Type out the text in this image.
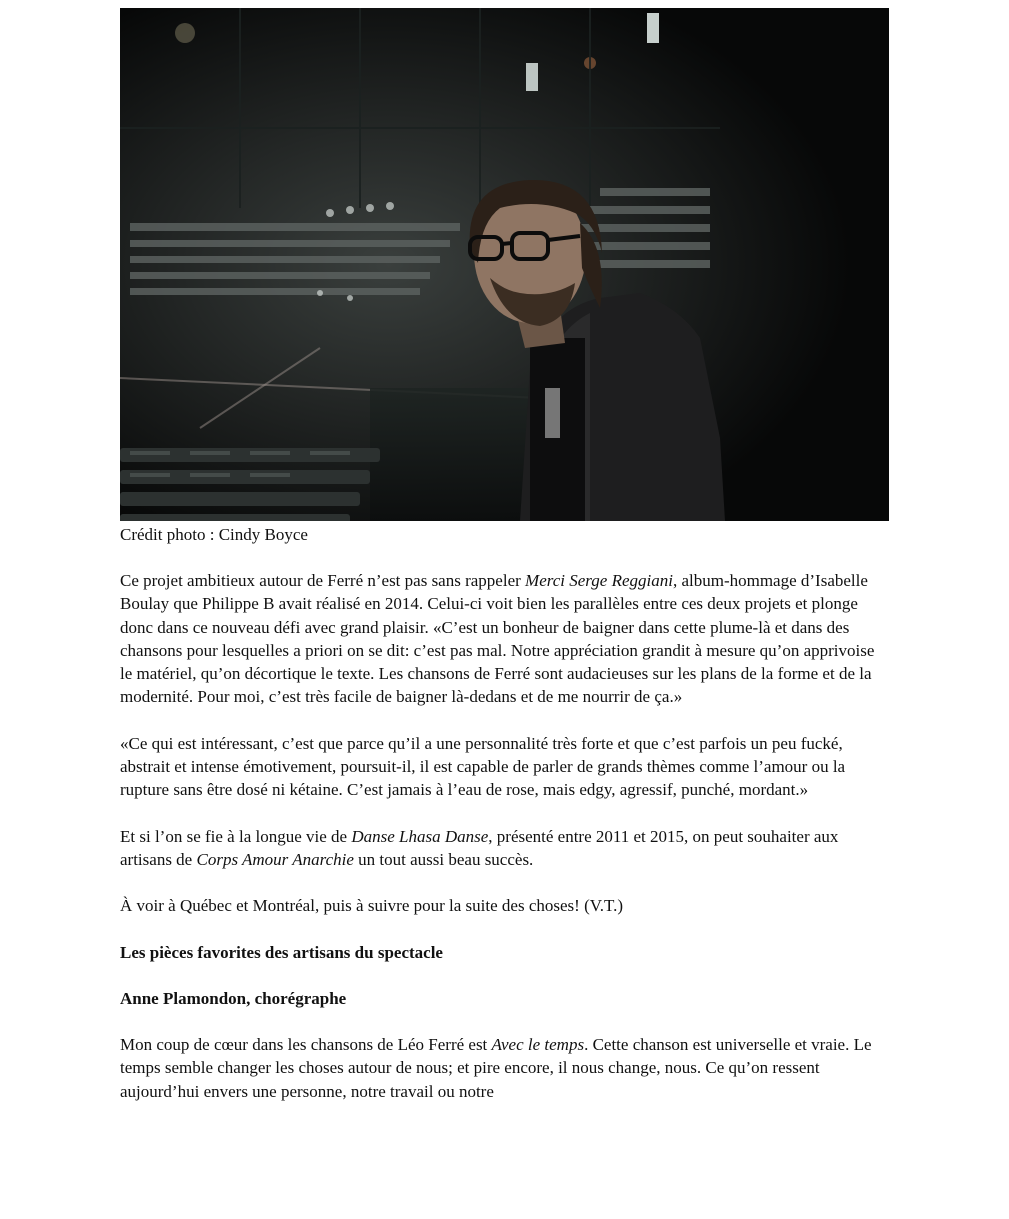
Crédit photo : Cindy Boyce

Ce projet ambitieux autour de Ferré n’est pas sans rappeler Merci Serge Reggiani, album-hommage d’Isabelle Boulay que Philippe B avait réalisé en 2014. Celui-ci voit bien les parallèles entre ces deux projets et plonge donc dans ce nouveau défi avec grand plaisir. «C’est un bonheur de baigner dans cette plume-là et dans des chansons pour lesquelles a priori on se dit: c’est pas mal. Notre appréciation grandit à mesure qu’on apprivoise le matériel, qu’on décortique le texte. Les chansons de Ferré sont audacieuses sur les plans de la forme et de la modernité. Pour moi, c’est très facile de baigner là-dedans et de me nourrir de ça.»

«Ce qui est intéressant, c’est que parce qu’il a une personnalité très forte et que c’est parfois un peu fucké, abstrait et intense émotivement, poursuit-il, il est capable de parler de grands thèmes comme l’amour ou la rupture sans être dosé ni kétaine. C’est jamais à l’eau de rose, mais edgy, agressif, punché, mordant.»

Et si l’on se fie à la longue vie de Danse Lhasa Danse, présenté entre 2011 et 2015, on peut souhaiter aux artisans de Corps Amour Anarchie un tout aussi beau succès.

À voir à Québec et Montréal, puis à suivre pour la suite des choses! (V.T.)

Les pièces favorites des artisans du spectacle

Anne Plamondon, chorégraphe

Mon coup de cœur dans les chansons de Léo Ferré est Avec le temps. Cette chanson est universelle et vraie. Le temps semble changer les choses autour de nous; et pire encore, il nous change, nous. Ce qu’on ressent aujourd’hui envers une personne, notre travail ou notre
